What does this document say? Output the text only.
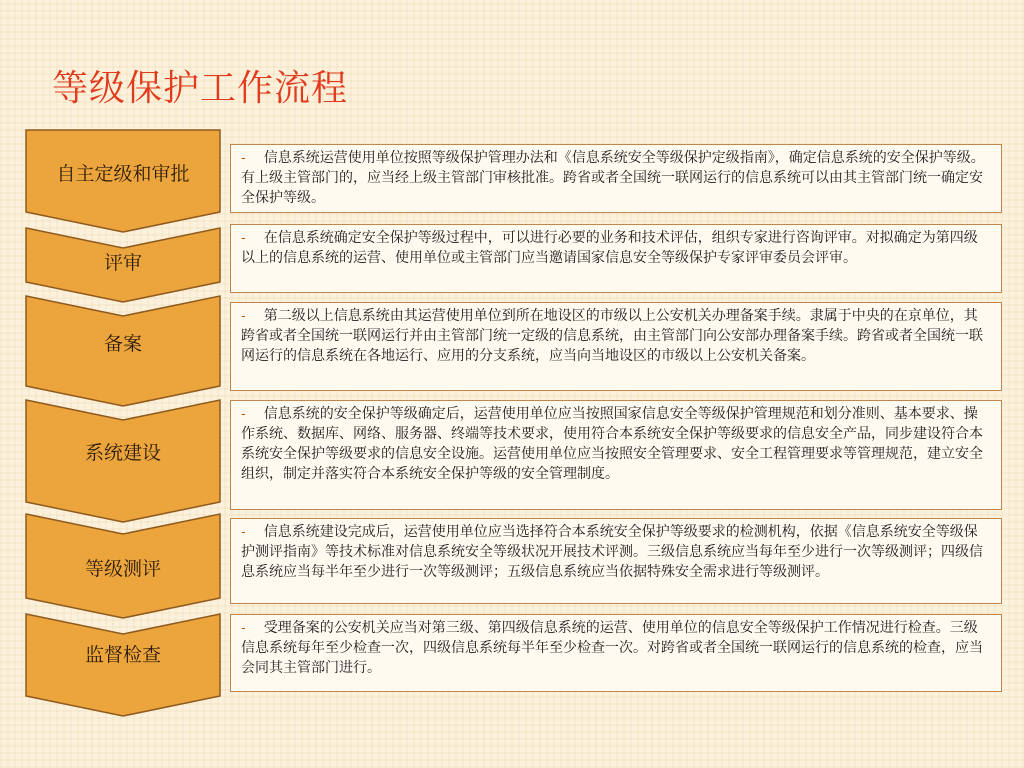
等级保护工作流程
自主定级和审批
评审
备案
系统建设
等级测评
监督检查
- 信息系统运营使用单位按照等级保护管理办法和《信息系统安全等级保护定级指南》，确定信息系统的安全保护等级。有上级主管部门的，应当经上级主管部门审核批准。跨省或者全国统一联网运行的信息系统可以由其主管部门统一确定安全保护等级。
- 在信息系统确定安全保护等级过程中，可以进行必要的业务和技术评估，组织专家进行咨询评审。对拟确定为第四级以上的信息系统的运营、使用单位或主管部门应当邀请国家信息安全等级保护专家评审委员会评审。
- 第二级以上信息系统由其运营使用单位到所在地设区的市级以上公安机关办理备案手续。隶属于中央的在京单位，其跨省或者全国统一联网运行并由主管部门统一定级的信息系统，由主管部门向公安部办理备案手续。跨省或者全国统一联网运行的信息系统在各地运行、应用的分支系统，应当向当地设区的市级以上公安机关备案。
- 信息系统的安全保护等级确定后，运营使用单位应当按照国家信息安全等级保护管理规范和划分准则、基本要求、操作系统、数据库、网络、服务器、终端等技术要求，使用符合本系统安全保护等级要求的信息安全产品，同步建设符合本系统安全保护等级要求的信息安全设施。运营使用单位应当按照安全管理要求、安全工程管理要求等管理规范，建立安全组织，制定并落实符合本系统安全保护等级的安全管理制度。
- 信息系统建设完成后，运营使用单位应当选择符合本系统安全保护等级要求的检测机构，依据《信息系统安全等级保护测评指南》等技术标准对信息系统安全等级状况开展技术评测。三级信息系统应当每年至少进行一次等级测评；四级信息系统应当每半年至少进行一次等级测评；五级信息系统应当依据特殊安全需求进行等级测评。
- 受理备案的公安机关应当对第三级、第四级信息系统的运营、使用单位的信息安全等级保护工作情况进行检查。三级信息系统每年至少检查一次，四级信息系统每半年至少检查一次。对跨省或者全国统一联网运行的信息系统的检查，应当会同其主管部门进行。
